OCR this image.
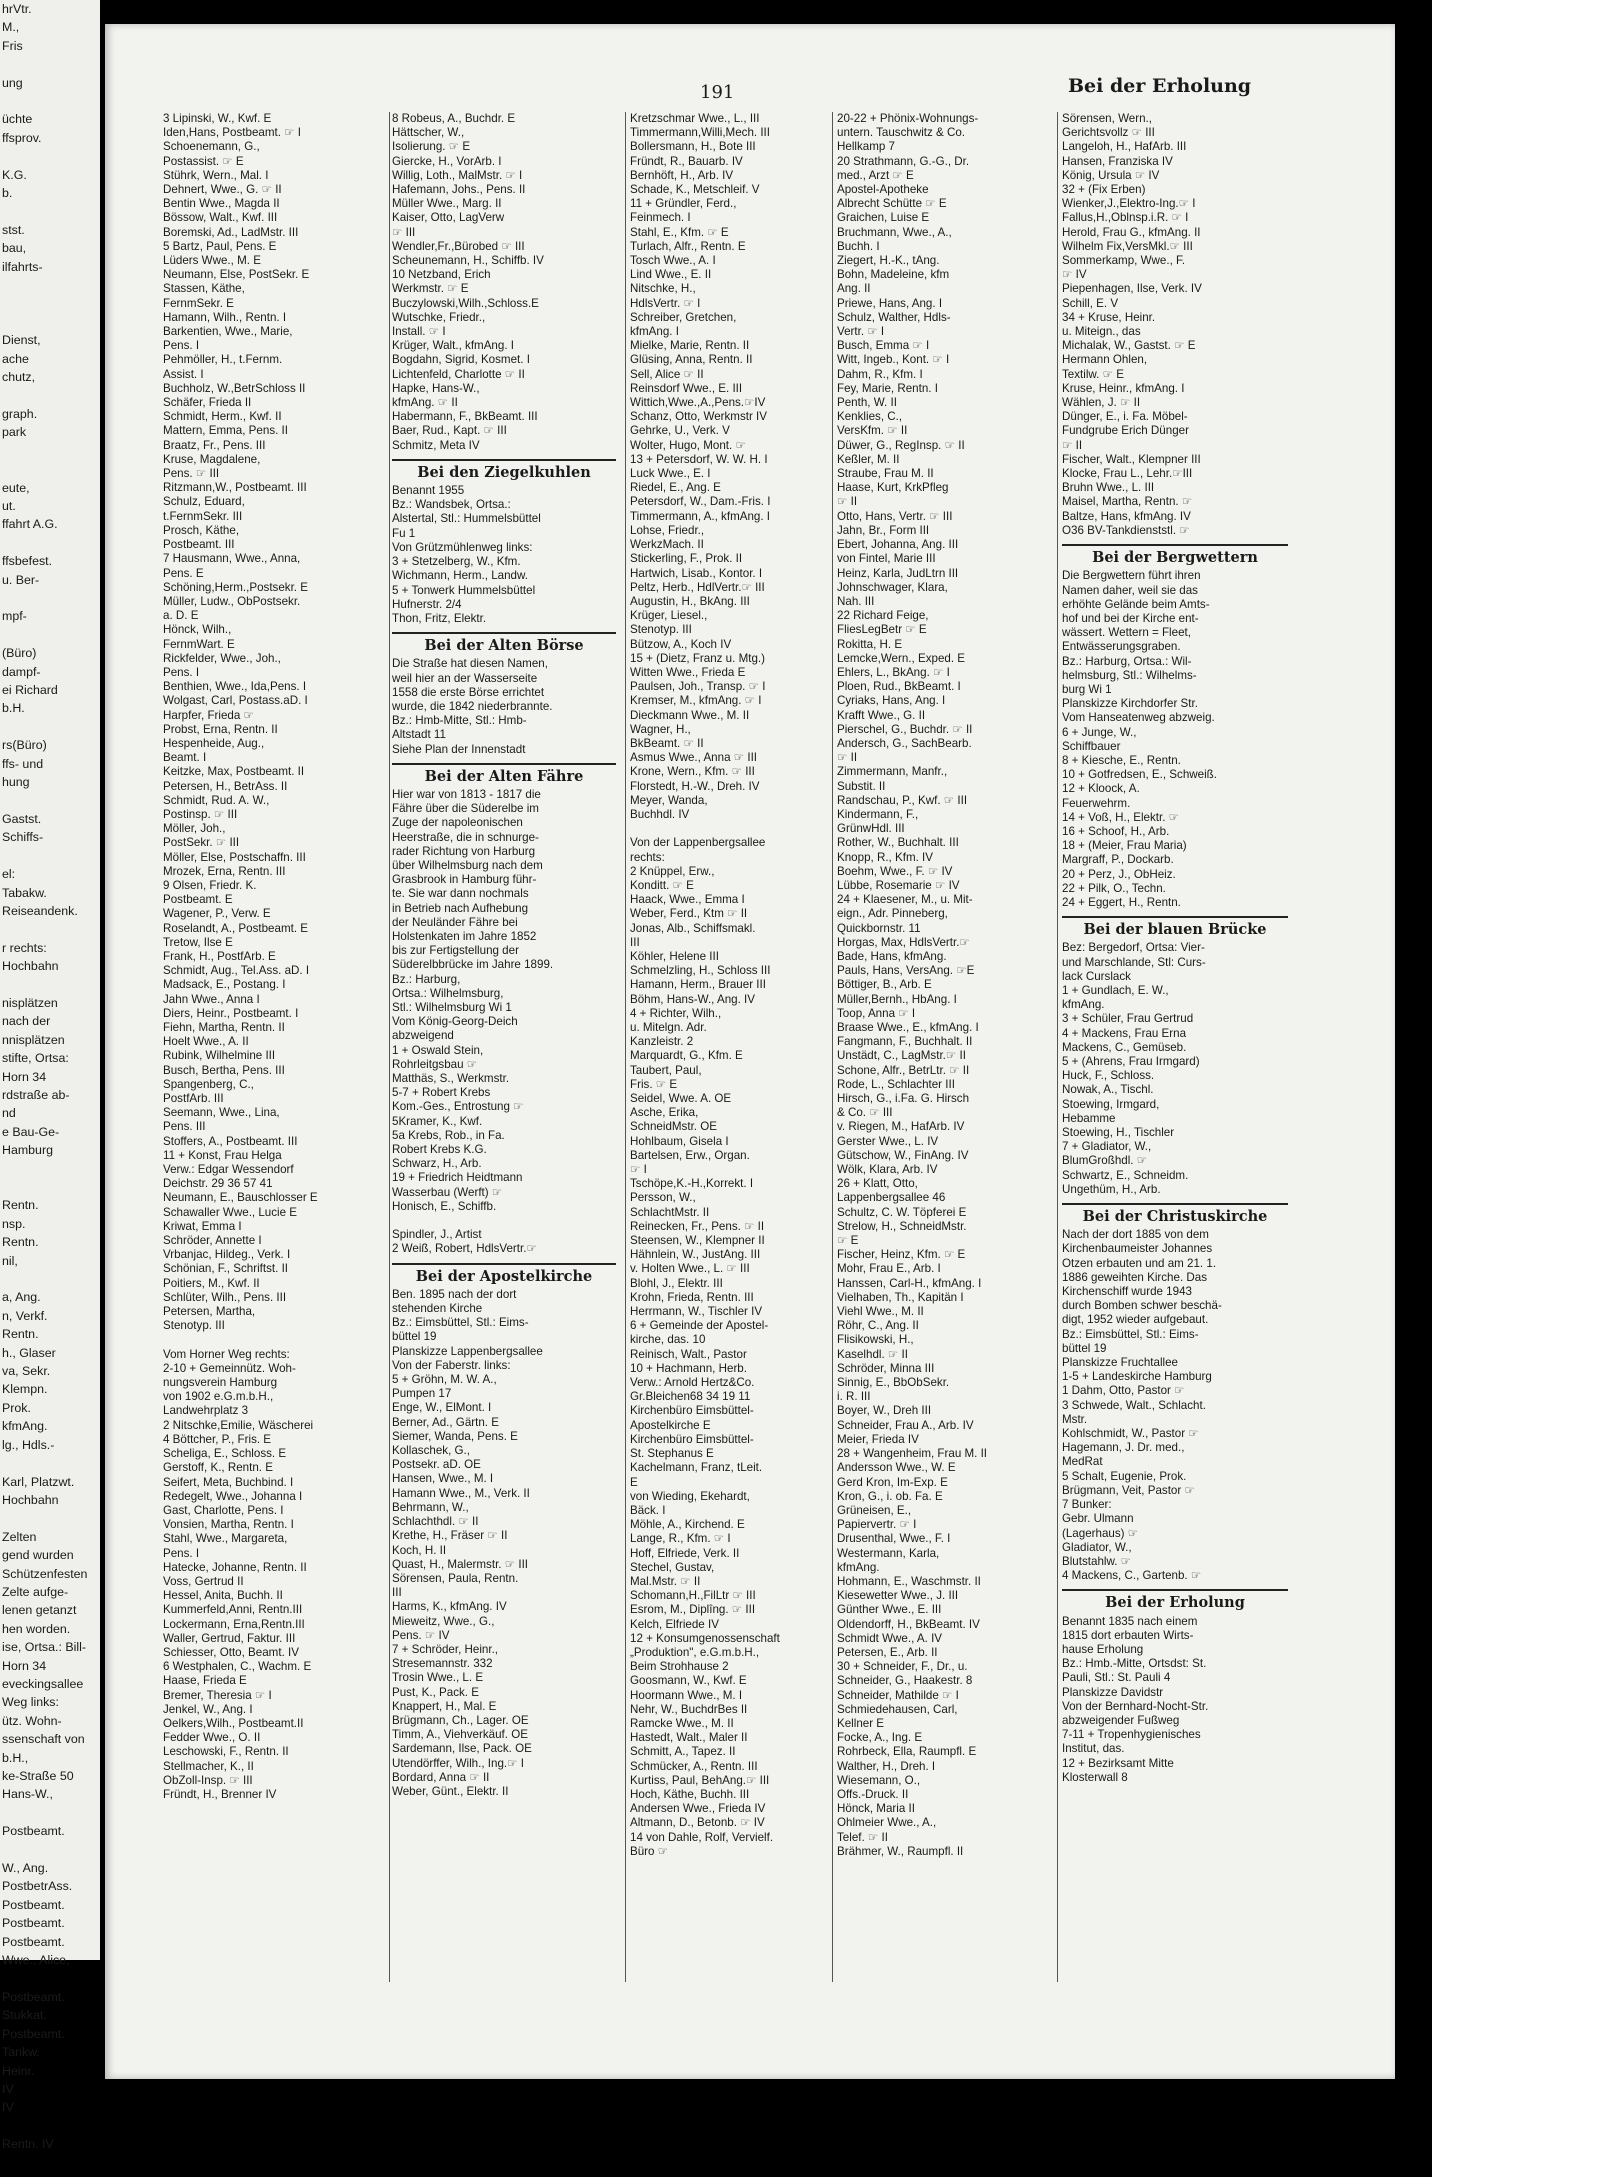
hrVtr.
M.,
Fris

ung

üchte
ffsprov.

K.G.
b.

stst.
bau,
ilfahrts-

Dienst,
ache
chutz,

graph.
park

eute,
ut.
ffahrt A.G.

ffsbefest.
u. Ber-

mpf-

(Büro)
dampf-
ei Richard
b.H.

rs(Büro)
ffs- und
hung

Gastst.
Schiffs-

el:
Tabakw.
Reiseandenk.

r rechts:
Hochbahn

nisplätzen
nach der
nnisplätzen
stifte, Ortsa:
Horn 34
rdstraße ab-
nd
e Bau-Ge-
Hamburg

Rentn.
nsp.
Rentn.
nil,

a, Ang.
n, Verkf.
Rentn.
h., Glaser
va, Sekr.
Klempn.
Prok.
kfmAng.
lg., Hdls.-

Karl, Platzwt.
Hochbahn

Zelten
gend wurden
Schützenfesten
Zelte aufge-
lenen getanzt
hen worden.
ise, Ortsa.: Bill-
Horn 34
eveckingsallee
Weg links:
ütz. Wohn-
ssenschaft von
b.H.,
ke-Straße 50
Hans-W.,

Postbeamt.

W., Ang.
PostbetrAss.
Postbeamt.
Postbeamt.
Postbeamt.
Wwe., Alice,

Postbeamt.
Stukkat.
Postbeamt.
Tankw.
Heinr.
IV
IV

Rentn. IV
191	Bei der Erholung
3 Lipinski, W., Kwf. E
Iden,Hans, Postbeamt. ☞ I
Schoenemann, G.,
Postassist. ☞ E
Stührk, Wern., Mal. I
Dehnert, Wwe., G. ☞ II
Bentin Wwe., Magda II
Bössow, Walt., Kwf. III
Boremski, Ad., LadMstr. III
5 Bartz, Paul, Pens. E
Lüders Wwe., M. E
Neumann, Else, PostSekr. E
Stassen, Käthe,
FernmSekr. E
Hamann, Wilh., Rentn. I
Barkentien, Wwe., Marie,
Pens. I
Pehmöller, H., t.Fernm.
Assist. I
Buchholz, W.,BetrSchloss II
Schäfer, Frieda II
Schmidt, Herm., Kwf. II
Mattern, Emma, Pens. II
Braatz, Fr., Pens. III
Kruse, Magdalene,
Pens. ☞ III
Ritzmann,W., Postbeamt. III
Schulz, Eduard,
t.FernmSekr. III
Prosch, Käthe,
Postbeamt. III
7 Hausmann, Wwe., Anna,
Pens. E
Schöning,Herm.,Postsekr. E
Müller, Ludw., ObPostsekr.
a. D. E
Hönck, Wilh.,
FernmWart. E
Rickfelder, Wwe., Joh.,
Pens. I
Benthien, Wwe., Ida,Pens. I
Wolgast, Carl, Postass.aD. I
Harpfer, Frieda ☞
Probst, Erna, Rentn. II
Hespenheide, Aug.,
Beamt. I
Keitzke, Max, Postbeamt. II
Petersen, H., BetrAss. II
Schmidt, Rud. A. W.,
Postinsp. ☞ III
Möller, Joh.,
PostSekr. ☞ III
Möller, Else, Postschaffn. III
Mrozek, Erna, Rentn. III
9 Olsen, Friedr. K.
Postbeamt. E
Wagener, P., Verw. E
Roselandt, A., Postbeamt. E
Tretow, Ilse E
Frank, H., PostfArb. E
Schmidt, Aug., Tel.Ass. aD. I
Madsack, E., Postang. I
Jahn Wwe., Anna I
Diers, Heinr., Postbeamt. I
Fiehn, Martha, Rentn. II
Hoelt Wwe., A. II
Rubink, Wilhelmine III
Busch, Bertha, Pens. III
Spangenberg, C.,
PostfArb. III
Seemann, Wwe., Lina,
Pens. III
Stoffers, A., Postbeamt. III
11 + Konst, Frau Helga
Verw.: Edgar Wessendorf
Deichstr. 29 36 57 41
Neumann, E., Bauschlosser E
Schawaller Wwe., Lucie E
Kriwat, Emma I
Schröder, Annette I
Vrbanjac, Hildeg., Verk. I
Schönian, F., Schriftst. II
Poitiers, M., Kwf. II
Schlüter, Wilh., Pens. III
Petersen, Martha,
Stenotyp. III

Vom Horner Weg rechts:
2-10 + Gemeinnütz. Woh-
nungsverein Hamburg
von 1902 e.G.m.b.H.,
Landwehrplatz 3
2 Nitschke,Emilie, Wäscherei
4 Böttcher, P., Fris. E
Scheliga, E., Schloss. E
Gerstoff, K., Rentn. E
Seifert, Meta, Buchbind. I
Redegelt, Wwe., Johanna I
Gast, Charlotte, Pens. I
Vonsien, Martha, Rentn. I
Stahl, Wwe., Margareta,
Pens. I
Hatecke, Johanne, Rentn. II
Voss, Gertrud II
Hessel, Anita, Buchh. II
Kummerfeld,Anni, Rentn.III
Lockermann, Erna,Rentn.III
Waller, Gertrud, Faktur. III
Schiesser, Otto, Beamt. IV
6 Westphalen, C., Wachm. E
Haase, Frieda E
Bremer, Theresia ☞ I
Jenkel, W., Ang. I
Oelkers,Wilh., Postbeamt.II
Fedder Wwe., O. II
Leschowski, F., Rentn. II
Stellmacher, K., II
ObZoll-Insp. ☞ III
Fründt, H., Brenner IV
8 Robeus, A., Buchdr. E
Hättscher, W.,
Isolierung. ☞ E
Giercke, H., VorArb. I
Willig, Loth., MalMstr. ☞ I
Hafemann, Johs., Pens. II
Müller Wwe., Marg. II
Kaiser, Otto, LagVerw
☞ III
Wendler,Fr.,Bürobed ☞ III
Scheunemann, H., Schiffb. IV
10 Netzband, Erich
Werkmstr. ☞ E
Buczylowski,Wilh.,Schloss.E
Wutschke, Friedr.,
Install. ☞ I
Krüger, Walt., kfmAng. I
Bogdahn, Sigrid, Kosmet. I
Lichtenfeld, Charlotte ☞ II
Hapke, Hans-W.,
kfmAng. ☞ II
Habermann, F., BkBeamt. III
Baer, Rud., Kapt. ☞ III
Schmitz, Meta IV
Bei den Ziegelkuhlen
Benannt 1955
Bz.: Wandsbek, Ortsa.:
Alstertal, Stl.: Hummelsbüttel
Fu 1
Von Grützmühlenweg links:
3 + Stetzelberg, W., Kfm.
Wichmann, Herm., Landw.
5 + Tonwerk Hummelsbüttel
Hufnerstr. 2/4
Thon, Fritz, Elektr.
Bei der Alten Börse
Die Straße hat diesen Namen,
weil hier an der Wasserseite
1558 die erste Börse errichtet
wurde, die 1842 niederbrannte.
Bz.: Hmb-Mitte, Stl.: Hmb-
Altstadt 11
Siehe Plan der Innenstadt
Bei der Alten Fähre
Hier war von 1813 - 1817 die
Fähre über die Süderelbe im
Zuge der napoleonischen
Heerstraße, die in schnurge-
rader Richtung von Harburg
über Wilhelmsburg nach dem
Grasbrook in Hamburg führ-
te. Sie war dann nochmals
in Betrieb nach Aufhebung
der Neuländer Fähre bei
Holstenkaten im Jahre 1852
bis zur Fertigstellung der
Süderelbbrücke im Jahre 1899.
Bz.: Harburg,
Ortsa.: Wilhelmsburg,
Stl.: Wilhelmsburg Wi 1
Vom König-Georg-Deich
abzweigend
1 + Oswald Stein,
Rohrleitgsbau ☞
Matthäs, S., Werkmstr.
5-7 + Robert Krebs
Kom.-Ges., Entrostung ☞
5Kramer, K., Kwf.
5a Krebs, Rob., in Fa.
Robert Krebs K.G.
Schwarz, H., Arb.
19 + Friedrich Heidtmann
Wasserbau (Werft) ☞
Honisch, E., Schiffb.

Spindler, J., Artist
2 Weiß, Robert, HdlsVertr.☞
Bei der Apostelkirche
Ben. 1895 nach der dort
stehenden Kirche
Bz.: Eimsbüttel, Stl.: Eims-
büttel 19
Planskizze Lappenbergsallee
Von der Faberstr. links:
5 + Gröhn, M. W. A.,
Pumpen 17
Enge, W., ElMont. I
Berner, Ad., Gärtn. E
Siemer, Wanda, Pens. E
Kollaschek, G.,
Postsekr. aD. OE
Hansen, Wwe., M. I
Hamann Wwe., M., Verk. II
Behrmann, W.,
Schlachthdl. ☞ II
Krethe, H., Fräser ☞ II
Koch, H. II
Quast, H., Malermstr. ☞ III
Sörensen, Paula, Rentn.
III
Harms, K., kfmAng. IV
Mieweitz, Wwe., G.,
Pens. ☞ IV
7 + Schröder, Heinr.,
Stresemannstr. 332
Trosin Wwe., L. E
Pust, K., Pack. E
Knappert, H., Mal. E
Brügmann, Ch., Lager. OE
Timm, A., Viehverkäuf. OE
Sardemann, Ilse, Pack. OE
Utendörffer, Wilh., Ing.☞ I
Bordard, Anna ☞ II
Weber, Günt., Elektr. II
Kretzschmar Wwe., L., III
Timmermann,Willi,Mech. III
Bollersmann, H., Bote III
Fründt, R., Bauarb. IV
Bernhöft, H., Arb. IV
Schade, K., Metschleif. V
11 + Gründler, Ferd.,
Feinmech. I
Stahl, E., Kfm. ☞ E
Turlach, Alfr., Rentn. E
Tosch Wwe., A. I
Lind Wwe., E. II
Nitschke, H.,
HdlsVertr. ☞ I
Schreiber, Gretchen,
kfmAng. I
Mielke, Marie, Rentn. II
Glüsing, Anna, Rentn. II
Sell, Alice ☞ II
Reinsdorf Wwe., E. III
Wittich,Wwe.,A.,Pens.☞IV
Schanz, Otto, Werkmstr IV
Gehrke, U., Verk. V
Wolter, Hugo, Mont. ☞
13 + Petersdorf, W. W. H. I
Luck Wwe., E. I
Riedel, E., Ang. E
Petersdorf, W., Dam.-Fris. I
Timmermann, A., kfmAng. I
Lohse, Friedr.,
WerkzMach. II
Stickerling, F., Prok. II
Hartwich, Lisab., Kontor. I
Peltz, Herb., HdlVertr.☞ III
Augustin, H., BkAng. III
Krüger, Liesel.,
Stenotyp. III
Bützow, A., Koch IV
15 + (Dietz, Franz u. Mtg.)
Witten Wwe., Frieda E
Paulsen, Joh., Transp. ☞ I
Kremser, M., kfmAng. ☞ I
Dieckmann Wwe., M. II
Wagner, H.,
BkBeamt. ☞ II
Asmus Wwe., Anna ☞ III
Krone, Wern., Kfm. ☞ III
Florstedt, H.-W., Dreh. IV
Meyer, Wanda,
Buchhdl. IV

Von der Lappenbergsallee
rechts:
2 Knüppel, Erw.,
Konditt. ☞ E
Haack, Wwe., Emma I
Weber, Ferd., Ktm ☞ II
Jonas, Alb., Schiffsmakl.
III
Köhler, Helene III
Schmelzling, H., Schloss III
Hamann, Herm., Brauer III
Böhm, Hans-W., Ang. IV
4 + Richter, Wilh.,
u. Mitelgn. Adr.
Kanzleistr. 2
Marquardt, G., Kfm. E
Taubert, Paul,
Fris. ☞ E
Seidel, Wwe. A. OE
Asche, Erika,
SchneidMstr. OE
Hohlbaum, Gisela I
Bartelsen, Erw., Organ.
☞ I
Tschöpe,K.-H.,Korrekt. I
Persson, W.,
SchlachtMstr. II
Reinecken, Fr., Pens. ☞ II
Steensen, W., Klempner II
Hähnlein, W., JustAng. III
v. Holten Wwe., L. ☞ III
Blohl, J., Elektr. III
Krohn, Frieda, Rentn. III
Herrmann, W., Tischler IV
6 + Gemeinde der Apostel-
kirche, das. 10
Reinisch, Walt., Pastor
10 + Hachmann, Herb.
Verw.: Arnold Hertz&Co.
Gr.Bleichen68 34 19 11
Kirchenbüro Eimsbüttel-
Apostelkirche E
Kirchenbüro Eimsbüttel-
St. Stephanus E
Kachelmann, Franz, tLeit.
E
von Wieding, Ekehardt,
Bäck. I
Möhle, A., Kirchend. E
Lange, R., Kfm. ☞ I
Hoff, Elfriede, Verk. II
Stechel, Gustav,
Mal.Mstr. ☞ II
Schomann,H.,FilLtr ☞ III
Esrom, M., Diplîng. ☞ III
Kelch, Elfriede IV
12 + Konsumgenossenschaft
„Produktion", e.G.m.b.H.,
Beim Strohhause 2
Goosmann, W., Kwf. E
Hoormann Wwe., M. I
Nehr, W., BuchdrBes II
Ramcke Wwe., M. II
Hastedt, Walt., Maler II
Schmitt, A., Tapez. II
Schmücker, A., Rentn. III
Kurtiss, Paul, BehAng.☞ III
Hoch, Käthe, Buchh. III
Andersen Wwe., Frieda IV
Altmann, D., Betonb. ☞ IV
14 von Dahle, Rolf, Vervielf.
Büro ☞
20-22 + Phönix-Wohnungs-
untern. Tauschwitz & Co.
Hellkamp 7
20 Strathmann, G.-G., Dr.
med., Arzt ☞ E
Apostel-Apotheke
Albrecht Schütte ☞ E
Graichen, Luise E
Bruchmann, Wwe., A.,
Buchh. I
Ziegert, H.-K., tAng.
Bohn, Madeleine, kfm
Ang. II
Priewe, Hans, Ang. I
Schulz, Walther, Hdls-
Vertr. ☞ I
Busch, Emma ☞ I
Witt, Ingeb., Kont. ☞ I
Dahm, R., Kfm. I
Fey, Marie, Rentn. I
Penth, W. II
Kenklies, C.,
VersKfm. ☞ II
Düwer, G., RegInsp. ☞ II
Keßler, M. II
Straube, Frau M. II
Haase, Kurt, KrkPfleg
☞ II
Otto, Hans, Vertr. ☞ III
Jahn, Br., Form III
Ebert, Johanna, Ang. III
von Fintel, Marie III
Heinz, Karla, JudLtrn III
Johnschwager, Klara,
Nah. III
22 Richard Feige,
FliesLegBetr ☞ E
Rokitta, H. E
Lemcke,Wern., Exped. E
Ehlers, L., BkAng. ☞ I
Ploen, Rud., BkBeamt. I
Cyriaks, Hans, Ang. I
Krafft Wwe., G. II
Pierschel, G., Buchdr. ☞ II
Andersch, G., SachBearb.
☞ II
Zimmermann, Manfr.,
Substit. II
Randschau, P., Kwf. ☞ III
Kindermann, F.,
GrünwHdl. III
Rother, W., Buchhalt. III
Knopp, R., Kfm. IV
Boehm, Wwe., F. ☞ IV
Lübbe, Rosemarie ☞ IV
24 + Klaesener, M., u. Mit-
eign., Adr. Pinneberg,
Quickbornstr. 11
Horgas, Max, HdlsVertr.☞
Bade, Hans, kfmAng.
Pauls, Hans, VersAng. ☞E
Böttiger, B., Arb. E
Müller,Bernh., HbAng. I
Toop, Anna ☞ I
Braase Wwe., E., kfmAng. I
Fangmann, F., Buchhalt. II
Unstädt, C., LagMstr.☞ II
Schone, Alfr., BetrLtr. ☞ II
Rode, L., Schlachter III
Hirsch, G., i.Fa. G. Hirsch
& Co. ☞ III
v. Riegen, M., HafArb. IV
Gerster Wwe., L. IV
Gütschow, W., FinAng. IV
Wölk, Klara, Arb. IV
26 + Klatt, Otto,
Lappenbergsallee 46
Schultz, C. W. Töpferei E
Strelow, H., SchneidMstr.
☞ E
Fischer, Heinz, Kfm. ☞ E
Mohr, Frau E., Arb. I
Hanssen, Carl-H., kfmAng. I
Vielhaben, Th., Kapitän I
Viehl Wwe., M. II
Röhr, C., Ang. II
Flisikowski, H.,
Kaselhdl. ☞ II
Schröder, Minna III
Sinnig, E., BbObSekr.
i. R. III
Boyer, W., Dreh III
Schneider, Frau A., Arb. IV
Meier, Frieda IV
28 + Wangenheim, Frau M. II
Andersson Wwe., W. E
Gerd Kron, Im-Exp. E
Kron, G., i. ob. Fa. E
Grüneisen, E.,
Papiervertr. ☞ I
Drusenthal, Wwe., F. I
Westermann, Karla,
kfmAng.
Hohmann, E., Waschmstr. II
Kiesewetter Wwe., J. III
Günther Wwe., E. III
Oldendorff, H., BkBeamt. IV
Schmidt Wwe., A. IV
Petersen, E., Arb. II
30 + Schneider, F., Dr., u.
Schneider, G., Haakestr. 8
Schneider, Mathilde ☞ I
Schmiedehausen, Carl,
Kellner E
Focke, A., Ing. E
Rohrbeck, Ella, Raumpfl. E
Walther, H., Dreh. I
Wiesemann, O.,
Offs.-Druck. II
Hönck, Maria II
Ohlmeier Wwe., A.,
Telef. ☞ II
Brähmer, W., Raumpfl. II
Sörensen, Wern.,
Gerichtsvollz ☞ III
Langeloh, H., HafArb. III
Hansen, Franziska IV
König, Ursula ☞ IV
32 + (Fix Erben)
Wienker,J.,Elektro-Ing.☞ I
Fallus,H.,Oblnsp.i.R. ☞ I
Herold, Frau G., kfmAng. II
Wilhelm Fix,VersMkl.☞ III
Sommerkamp, Wwe., F.
☞ IV
Piepenhagen, Ilse, Verk. IV
Schill, E. V
34 + Kruse, Heinr.
u. Miteign., das
Michalak, W., Gastst. ☞ E
Hermann Ohlen,
Textilw. ☞ E
Kruse, Heinr., kfmAng. I
Wählen, J. ☞ II
Dünger, E., i. Fa. Möbel-
Fundgrube Erich Dünger
☞ II
Fischer, Walt., Klempner III
Klocke, Frau L., Lehr.☞III
Bruhn Wwe., L. III
Maisel, Martha, Rentn. ☞
Baltze, Hans, kfmAng. IV
O36 BV-Tankdienststl. ☞
Bei der Bergwettern
Die Bergwettern führt ihren
Namen daher, weil sie das
erhöhte Gelände beim Amts-
hof und bei der Kirche ent-
wässert. Wettern = Fleet,
Entwässerungsgraben.
Bz.: Harburg, Ortsa.: Wil-
helmsburg, Stl.: Wilhelms-
burg Wi 1
Planskizze Kirchdorfer Str.
Vom Hanseatenweg abzweig.
6 + Junge, W.,
Schiffbauer
8 + Kiesche, E., Rentn.
10 + Gotfredsen, E., Schweiß.
12 + Kloock, A.
Feuerwehrm.
14 + Voß, H., Elektr. ☞
16 + Schoof, H., Arb.
18 + (Meier, Frau Maria)
Margraff, P., Dockarb.
20 + Perz, J., ObHeiz.
22 + Pilk, O., Techn.
24 + Eggert, H., Rentn.
Bei der blauen Brücke
Bez: Bergedorf, Ortsa: Vier-
und Marschlande, Stl: Curs-
lack Curslack
1 + Gundlach, E. W.,
kfmAng.
3 + Schüler, Frau Gertrud
4 + Mackens, Frau Erna
Mackens, C., Gemüseb.
5 + (Ahrens, Frau Irmgard)
Huck, F., Schloss.
Nowak, A., Tischl.
Stoewing, Irmgard,
Hebamme
Stoewing, H., Tischler
7 + Gladiator, W.,
BlumGroßhdl. ☞
Schwartz, E., Schneidm.
Ungethüm, H., Arb.
Bei der Christuskirche
Nach der dort 1885 von dem
Kirchenbaumeister Johannes
Otzen erbauten und am 21. 1.
1886 geweihten Kirche. Das
Kirchenschiff wurde 1943
durch Bomben schwer beschä-
digt, 1952 wieder aufgebaut.
Bz.: Eimsbüttel, Stl.: Eims-
büttel 19
Planskizze Fruchtallee
1-5 + Landeskirche Hamburg
1 Dahm, Otto, Pastor ☞
3 Schwede, Walt., Schlacht.
Mstr.
Kohlschmidt, W., Pastor ☞
Hagemann, J. Dr. med.,
MedRat
5 Schalt, Eugenie, Prok.
Brügmann, Veit, Pastor ☞
7 Bunker:
Gebr. Ulmann
(Lagerhaus) ☞
Gladiator, W.,
Blutstahlw. ☞
4 Mackens, C., Gartenb. ☞
Bei der Erholung
Benannt 1835 nach einem
1815 dort erbauten Wirts-
hause Erholung
Bz.: Hmb.-Mitte, Ortsdst: St.
Pauli, Stl.: St. Pauli 4
Planskizze Davidstr
Von der Bernhard-Nocht-Str.
abzweigender Fußweg
7-11 + Tropenhygienisches
Institut, das.
12 + Bezirksamt Mitte
Klosterwall 8
